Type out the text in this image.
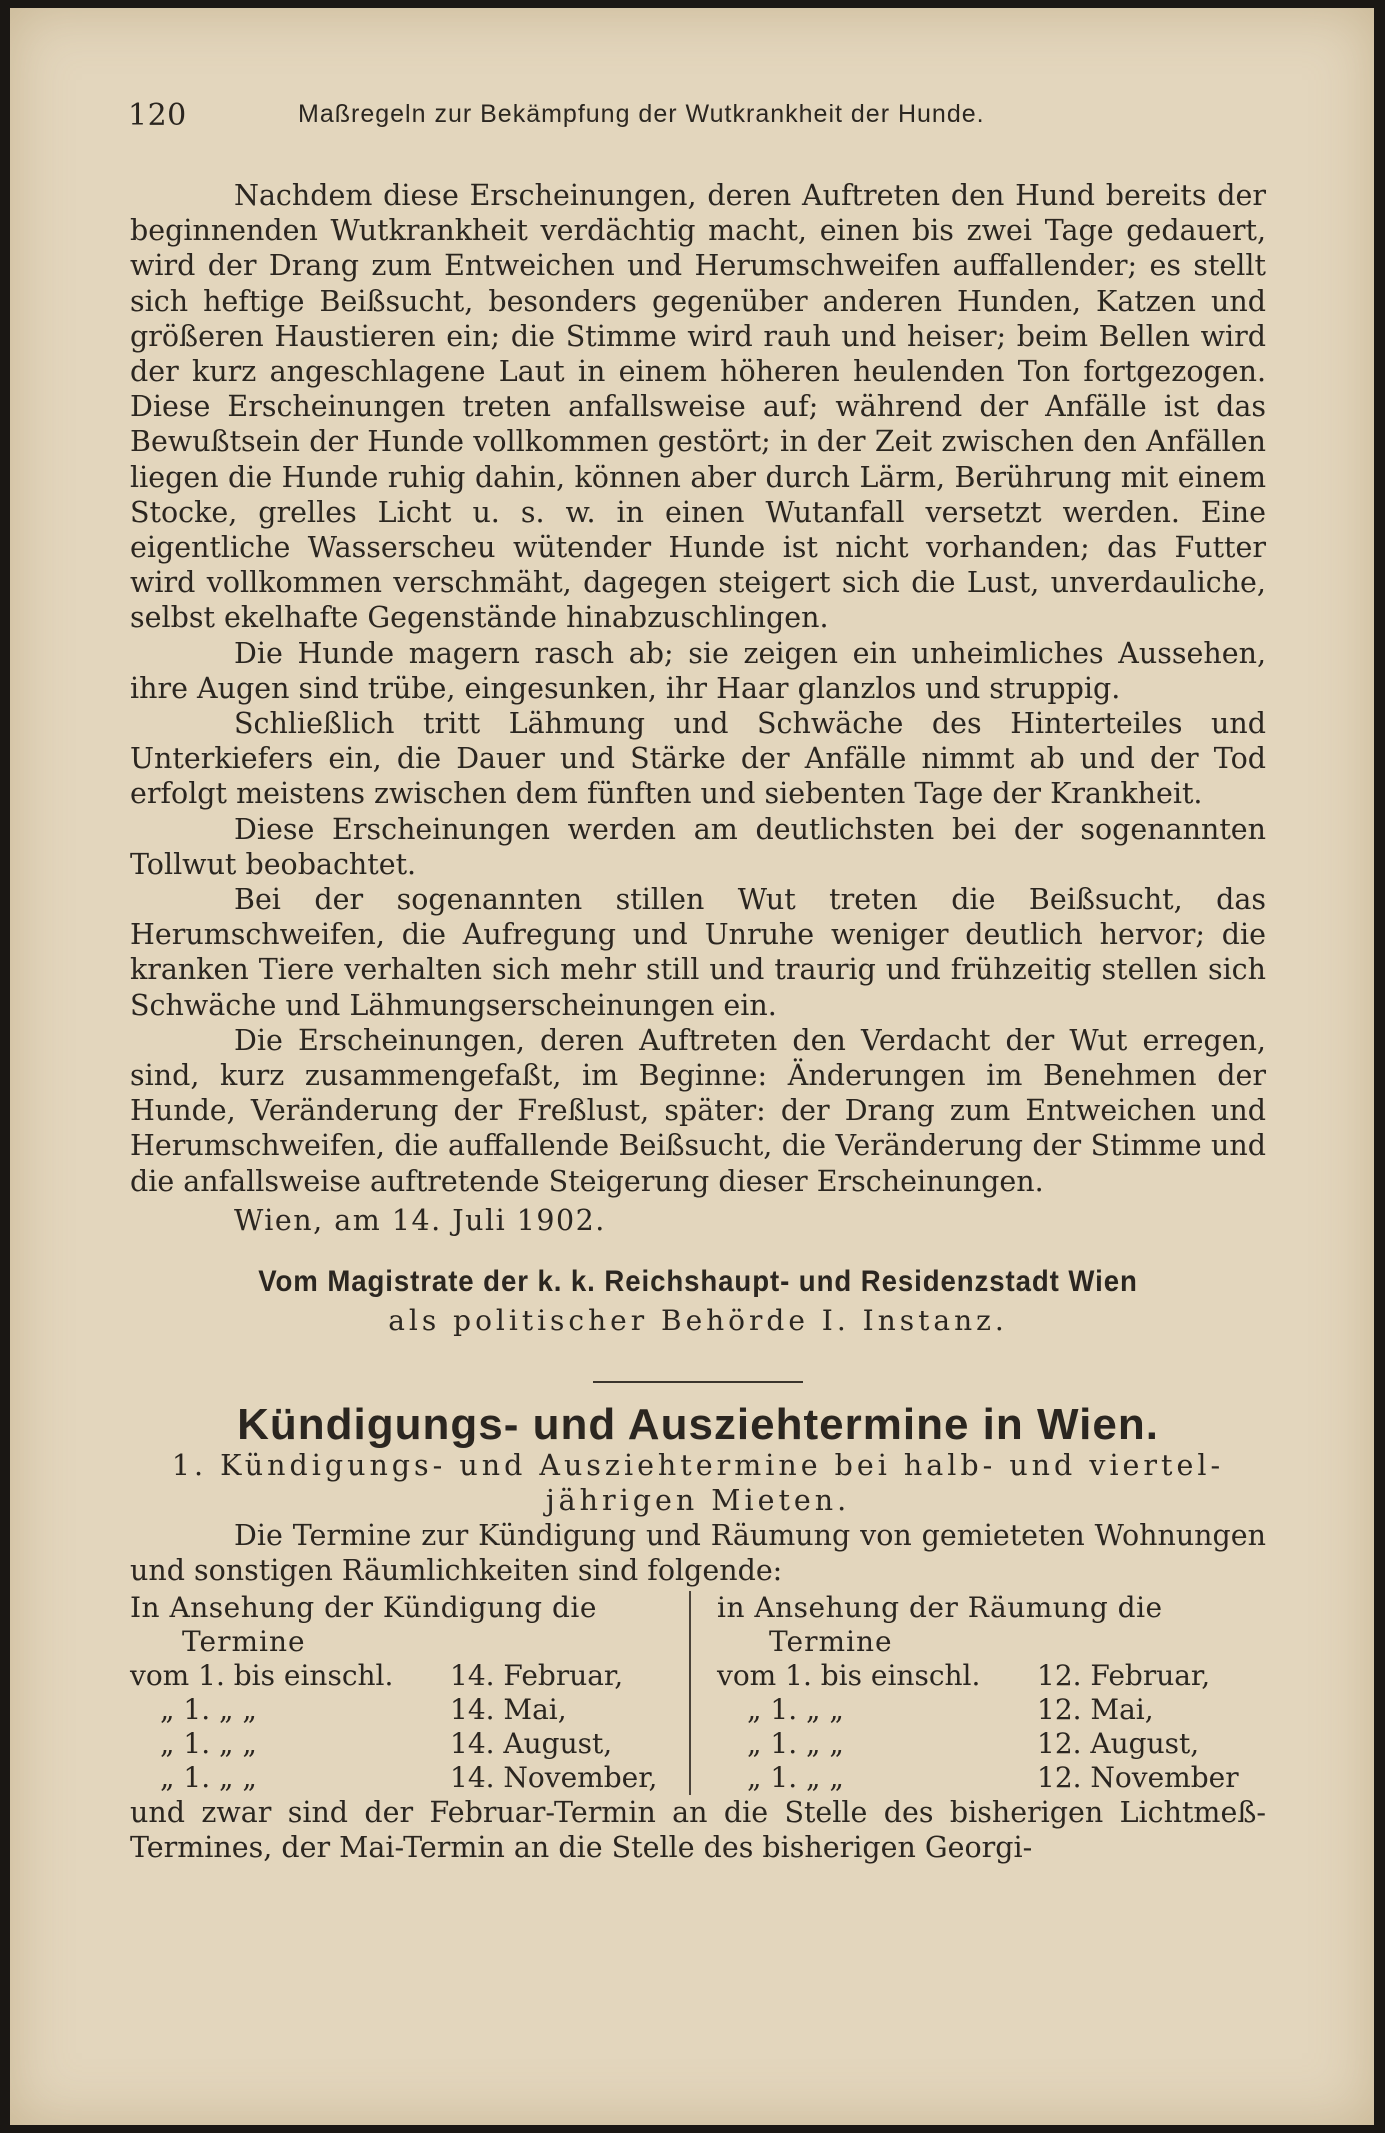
120	Maßregeln zur Bekämpfung der Wutkrankheit der Hunde.

Nachdem diese Erscheinungen, deren Auftreten den Hund bereits der beginnenden Wutkrankheit verdächtig macht, einen bis zwei Tage gedauert, wird der Drang zum Entweichen und Herumschweifen auffallender; es stellt sich heftige Beißsucht, besonders gegenüber anderen Hunden, Katzen und größeren Haustieren ein; die Stimme wird rauh und heiser; beim Bellen wird der kurz angeschlagene Laut in einem höheren heulenden Ton fortgezogen. Diese Erscheinungen treten anfallsweise auf; während der Anfälle ist das Bewußtsein der Hunde vollkommen gestört; in der Zeit zwischen den Anfällen liegen die Hunde ruhig dahin, können aber durch Lärm, Berührung mit einem Stocke, grelles Licht u. s. w. in einen Wutanfall versetzt werden. Eine eigentliche Wasserscheu wütender Hunde ist nicht vorhanden; das Futter wird vollkommen verschmäht, dagegen steigert sich die Lust, unverdauliche, selbst ekelhafte Gegenstände hinabzuschlingen.

Die Hunde magern rasch ab; sie zeigen ein unheimliches Aussehen, ihre Augen sind trübe, eingesunken, ihr Haar glanzlos und struppig.

Schließlich tritt Lähmung und Schwäche des Hinterteiles und Unterkiefers ein, die Dauer und Stärke der Anfälle nimmt ab und der Tod erfolgt meistens zwischen dem fünften und siebenten Tage der Krankheit.

Diese Erscheinungen werden am deutlichsten bei der sogenannten Tollwut beobachtet.

Bei der sogenannten stillen Wut treten die Beißsucht, das Herumschweifen, die Aufregung und Unruhe weniger deutlich hervor; die kranken Tiere verhalten sich mehr still und traurig und frühzeitig stellen sich Schwäche und Lähmungserscheinungen ein.

Die Erscheinungen, deren Auftreten den Verdacht der Wut erregen, sind, kurz zusammengefaßt, im Beginne: Änderungen im Benehmen der Hunde, Veränderung der Freßlust, später: der Drang zum Entweichen und Herumschweifen, die auffallende Beißsucht, die Veränderung der Stimme und die anfallsweise auftretende Steigerung dieser Erscheinungen.

Wien, am 14. Juli 1902.

Vom Magistrate der k. k. Reichshaupt- und Residenzstadt Wien
als politischer Behörde I. Instanz.
Kündigungs- und Ausziehtermine in Wien.
1. Kündigungs- und Ausziehtermine bei halb- und viertel-
jährigen Mieten.

Die Termine zur Kündigung und Räumung von gemieteten Wohnungen und sonstigen Räumlichkeiten sind folgende:

In Ansehung der Kündigung die
Termine
vom 1. bis einschl.	14. Februar,
„ 1. „ „	14. Mai,
„ 1. „ „	14. August,
„ 1. „ „	14. November,
in Ansehung der Räumung die
Termine
vom 1. bis einschl.	12. Februar,
„ 1. „ „	12. Mai,
„ 1. „ „	12. August,
„ 1. „ „	12. November

und zwar sind der Februar-Termin an die Stelle des bisherigen Lichtmeß-Termines, der Mai-Termin an die Stelle des bisherigen Georgi-
